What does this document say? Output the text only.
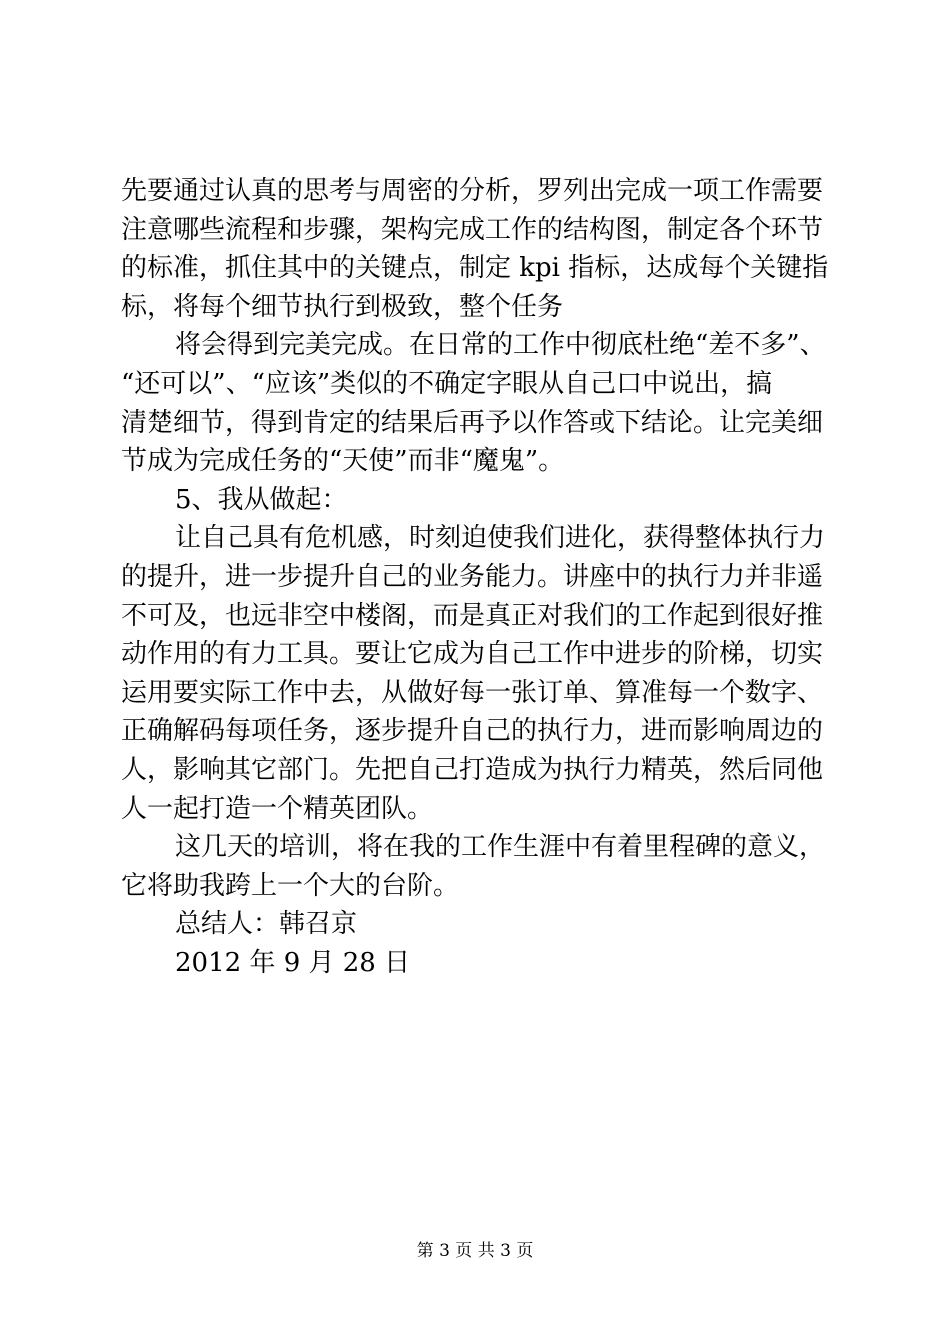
先要通过认真的思考与周密的分析，罗列出完成一项工作需要
注意哪些流程和步骤，架构完成工作的结构图，制定各个环节
的标准，抓住其中的关键点，制定 kpi 指标，达成每个关键指
标，将每个细节执行到极致，整个任务
将会得到完美完成。在日常的工作中彻底杜绝“差不多”、
“还可以”、“应该”类似的不确定字眼从自己口中说出，搞
清楚细节，得到肯定的结果后再予以作答或下结论。让完美细
节成为完成任务的“天使”而非“魔鬼”。
5、我从做起：
让自己具有危机感，时刻迫使我们进化，获得整体执行力
的提升，进一步提升自己的业务能力。讲座中的执行力并非遥
不可及，也远非空中楼阁，而是真正对我们的工作起到很好推
动作用的有力工具。要让它成为自己工作中进步的阶梯，切实
运用要实际工作中去，从做好每一张订单、算准每一个数字、
正确解码每项任务，逐步提升自己的执行力，进而影响周边的
人，影响其它部门。先把自己打造成为执行力精英，然后同他
人一起打造一个精英团队。
这几天的培训，将在我的工作生涯中有着里程碑的意义，
它将助我跨上一个大的台阶。
总结人：韩召京
2012 年 9 月 28 日
第 3 页 共 3 页
